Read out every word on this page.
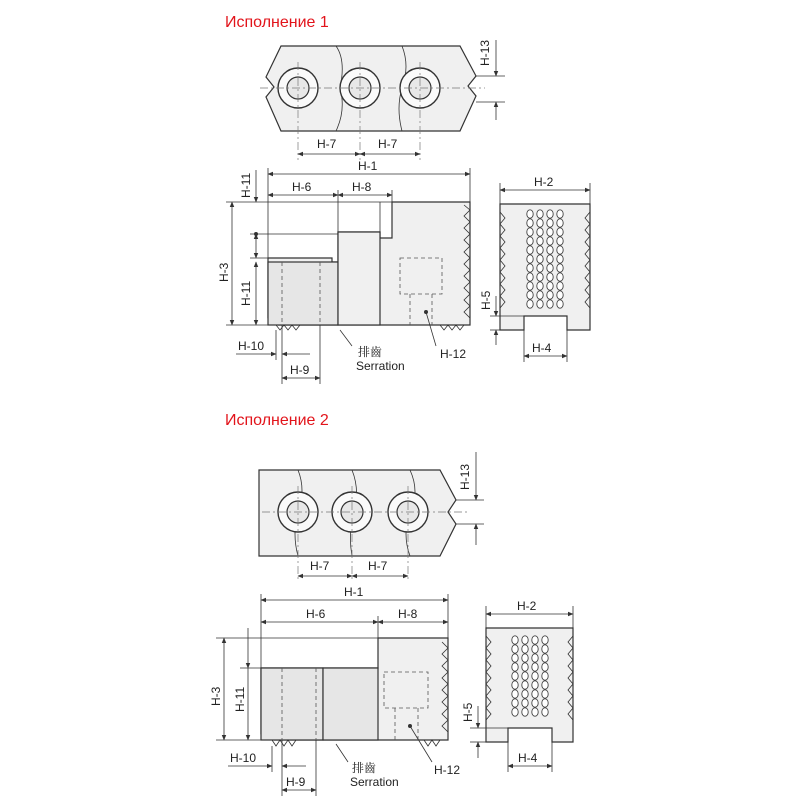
Исполнение 1

Исполнение 2

H-7	H-7
H-13
H-1
H-6	H-8
H-3
H-11
H-11
H-10
H-9
排齒
Serration
H-12
H-2
H-4
H-5
H-7	H-7
H-13
H-1
H-6	H-8
H-3 H-11
H-10
H-9
排齒
Serration
H-12
H-2
H-4
H-5
